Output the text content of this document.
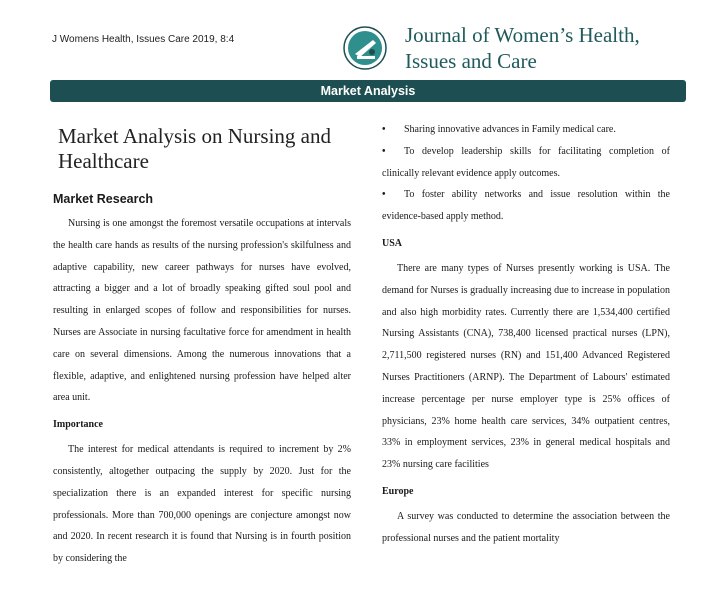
J Womens Health, Issues Care 2019, 8:4	Journal of Women’s Health,
Issues and Care
Market Analysis
Market Analysis on Nursing and Healthcare
Market Research

Nursing is one amongst the foremost versatile occupations at intervals the health care hands as results of the nursing profession's skilfulness and adaptive capability, new career pathways for nurses have evolved, attracting a bigger and a lot of broadly speaking gifted soul pool and resulting in enlarged scopes of follow and responsibilities for nurses. Nurses are Associate in nursing facultative force for amendment in health care on several dimensions. Among the numerous innovations that a flexible, adaptive, and enlightened nursing profession have helped alter area unit.

Importance

The interest for medical attendants is required to increment by 2% consistently, altogether outpacing the supply by 2020. Just for the specialization there is an expanded interest for specific nursing professionals. More than 700,000 openings are conjecture amongst now and 2020. In recent research it is found that Nursing is in fourth position by considering the

• Sharing innovative advances in Family medical care.

• To develop leadership skills for facilitating completion of clinically relevant evidence apply outcomes.

• To foster ability networks and issue resolution within the evidence-based apply method.

USA

There are many types of Nurses presently working is USA. The demand for Nurses is gradually increasing due to increase in population and also high morbidity rates. Currently there are 1,534,400 certified Nursing Assistants (CNA), 738,400 licensed practical nurses (LPN), 2,711,500 registered nurses (RN) and 151,400 Advanced Registered Nurses Practitioners (ARNP). The Department of Labours' estimated increase percentage per nurse employer type is 25% offices of physicians, 23% home health care services, 34% outpatient centres, 33% in employment services, 23% in general medical hospitals and 23% nursing care facilities

Europe

A survey was conducted to determine the association between the professional nurses and the patient mortality
